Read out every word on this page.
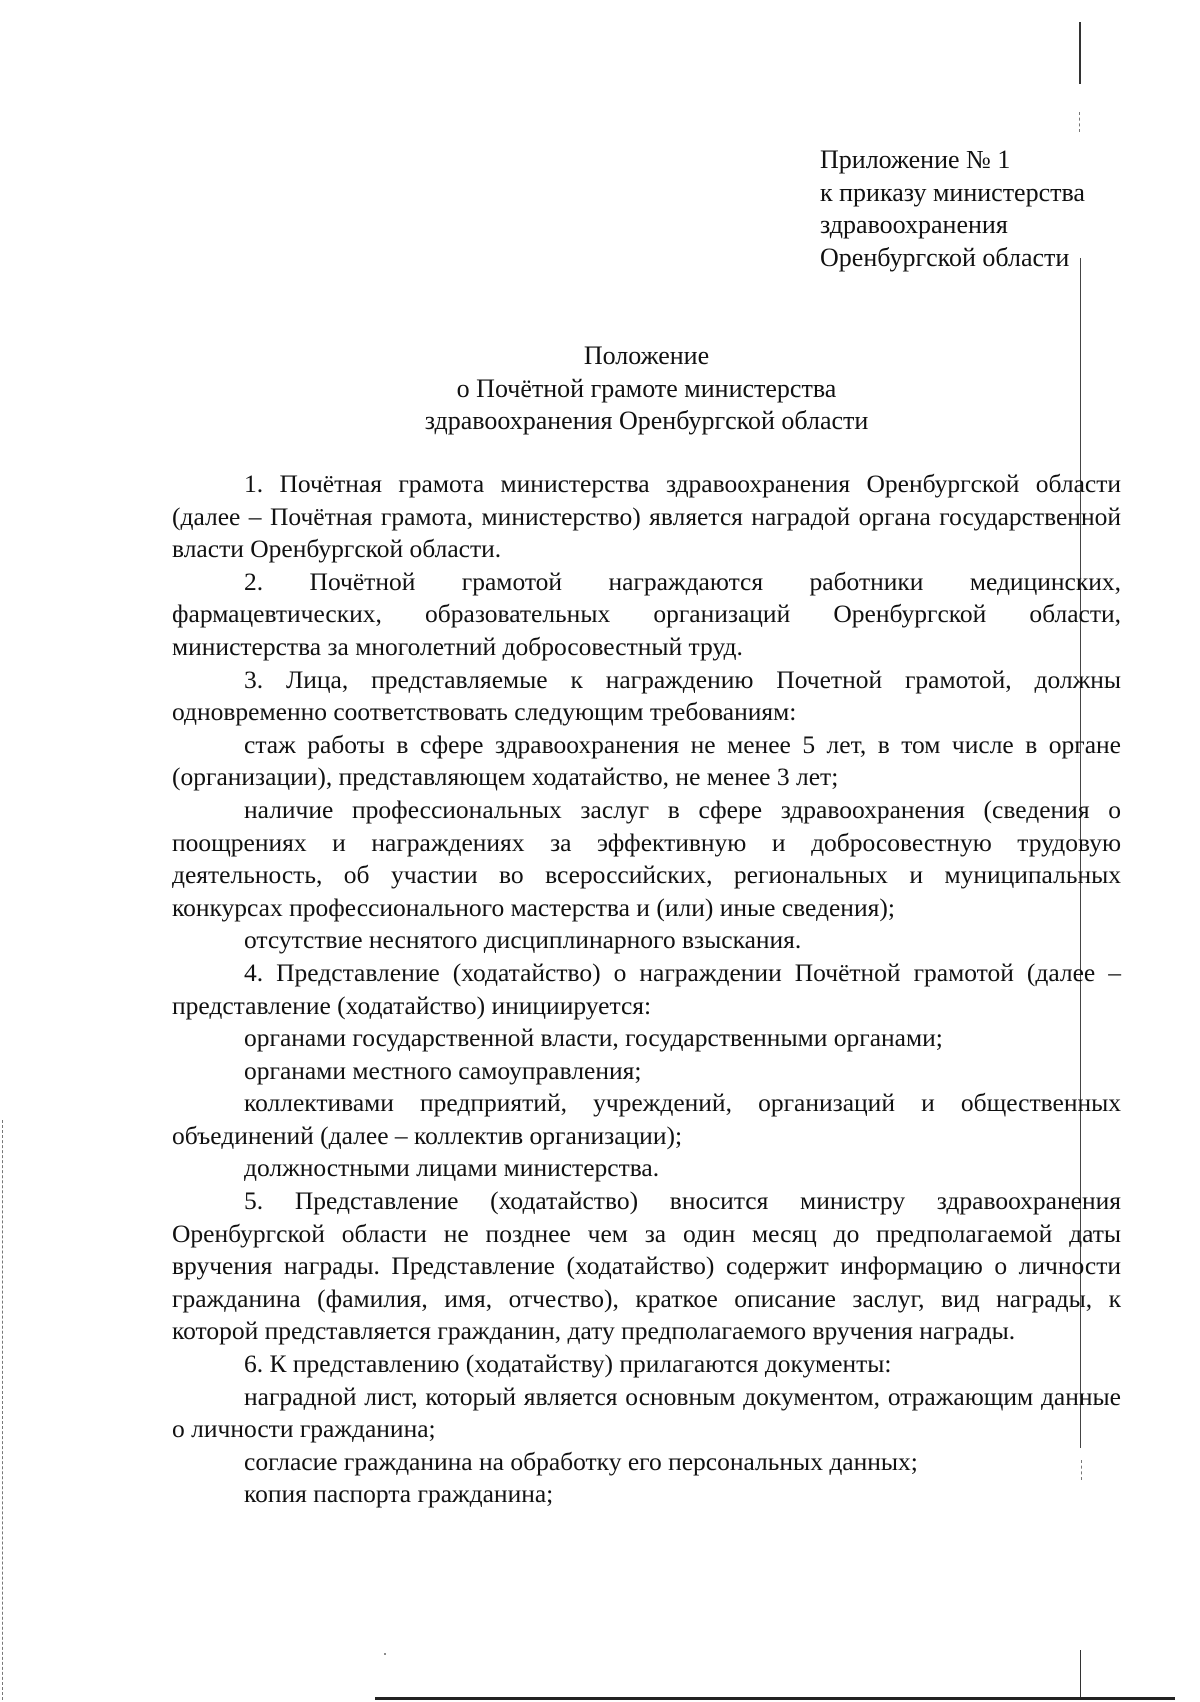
Приложение № 1
к приказу министерства
здравоохранения
Оренбургской области
Положение
о Почётной грамоте министерства
здравоохранения Оренбургской области

1. Почётная грамота министерства здравоохранения Оренбургской области (далее – Почётная грамота, министерство) является наградой органа государственной власти Оренбургской области.

2. Почётной грамотой награждаются работники медицинских, фармацевтических, образовательных организаций Оренбургской области, министерства за многолетний добросовестный труд.

3. Лица, представляемые к награждению Почетной грамотой, должны одновременно соответствовать следующим требованиям:

стаж работы в сфере здравоохранения не менее 5 лет, в том числе в органе (организации), представляющем ходатайство, не менее 3 лет;

наличие профессиональных заслуг в сфере здравоохранения (сведения о поощрениях и награждениях за эффективную и добросовестную трудовую деятельность, об участии во всероссийских, региональных и муниципальных конкурсах профессионального мастерства и (или) иные сведения);

отсутствие неснятого дисциплинарного взыскания.

4. Представление (ходатайство) о награждении Почётной грамотой (далее – представление (ходатайство) инициируется:

органами государственной власти, государственными органами;

органами местного самоуправления;

коллективами предприятий, учреждений, организаций и общественных объединений (далее – коллектив организации);

должностными лицами министерства.

5. Представление (ходатайство) вносится министру здравоохранения Оренбургской области не позднее чем за один месяц до предполагаемой даты вручения награды. Представление (ходатайство) содержит информацию о личности гражданина (фамилия, имя, отчество), краткое описание заслуг, вид награды, к которой представляется гражданин, дату предполагаемого вручения награды.

6. К представлению (ходатайству) прилагаются документы:

наградной лист, который является основным документом, отражающим данные о личности гражданина;

согласие гражданина на обработку его персональных данных;

копия паспорта гражданина;
